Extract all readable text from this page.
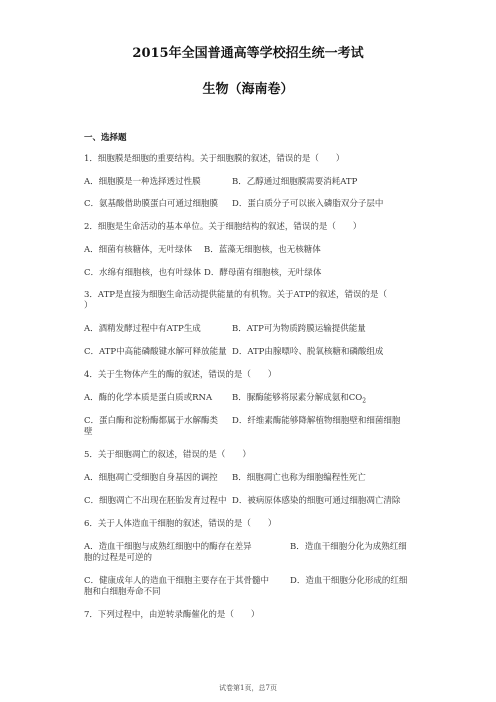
2015年全国普通高等学校招生统一考试
生物（海南卷）
一、选择题
1．细胞膜是细胞的重要结构。关于细胞膜的叙述，错误的是（　　）
A．细胞膜是一种选择透过性膜	B．乙醇通过细胞膜需要消耗ATP
C．氨基酸借助膜蛋白可通过细胞膜 D．蛋白质分子可以嵌入磷脂双分子层中
2．细胞是生命活动的基本单位。关于细胞结构的叙述，错误的是（　　）
A．细菌有核糖体，无叶绿体 B．蓝藻无细胞核，也无核糖体
C．水绵有细胞核，也有叶绿体 D．酵母菌有细胞核，无叶绿体
3．ATP是直接为细胞生命活动提供能量的有机物。关于ATP的叙述，错误的是（
）
A．酒精发酵过程中有ATP生成	B．ATP可为物质跨膜运输提供能量
C．ATP中高能磷酸键水解可释放能量 D．ATP由腺嘌呤、脱氧核糖和磷酸组成
4．关于生物体产生的酶的叙述，错误的是（　　）
A．酶的化学本质是蛋白质或RNA B．脲酶能够将尿素分解成氨和$CO_2$
C．蛋白酶和淀粉酶都属于水解酶类 D．纤维素酶能够降解植物细胞壁和细菌细胞
壁
5．关于细胞凋亡的叙述，错误的是（　　）
A．细胞凋亡受细胞自身基因的调控 B．细胞凋亡也称为细胞编程性死亡
C．细胞凋亡不出现在胚胎发育过程中 D．被病原体感染的细胞可通过细胞凋亡清除
6．关于人体造血干细胞的叙述，错误的是（　　）
A．造血干细胞与成熟红细胞中的酶存在差异	B．造血干细胞分化为成熟红细
胞的过程是可逆的
C．健康成年人的造血干细胞主要存在于其骨髓中 D．造血干细胞分化形成的红细
胞和白细胞寿命不同
7．下列过程中，由逆转录酶催化的是（　　）
试卷第1页，总7页
